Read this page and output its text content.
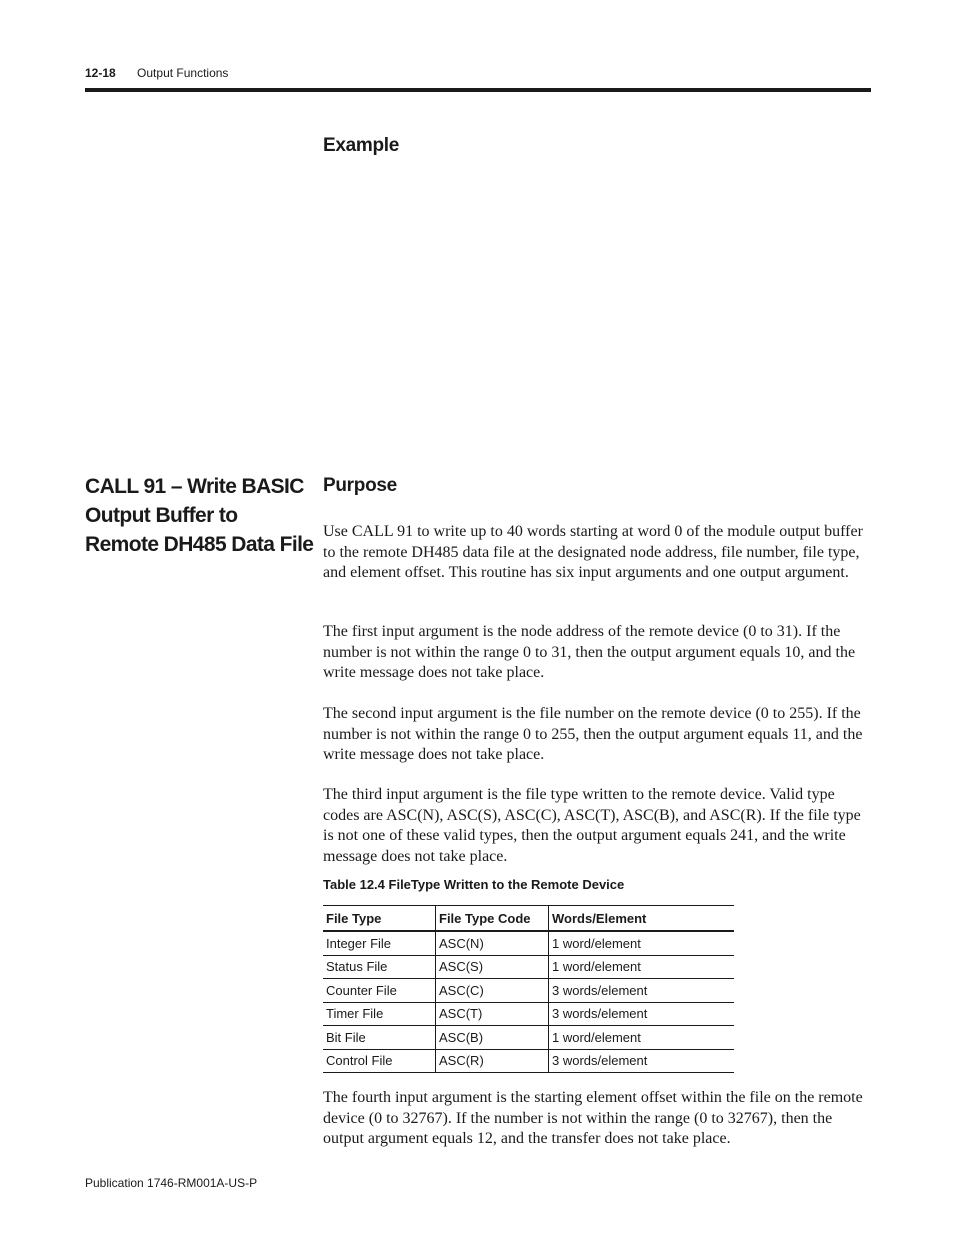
12-18 Output Functions
Example
CALL 91 – Write BASIC Output Buffer to Remote DH485 Data File
Purpose

Use CALL 91 to write up to 40 words starting at word 0 of the module output buffer to the remote DH485 data file at the designated node address, file number, file type, and element offset. This routine has six input arguments and one output argument.

The first input argument is the node address of the remote device (0 to 31). If the number is not within the range 0 to 31, then the output argument equals 10, and the write message does not take place.

The second input argument is the file number on the remote device (0 to 255). If the number is not within the range 0 to 255, then the output argument equals 11, and the write message does not take place.

The third input argument is the file type written to the remote device. Valid type codes are ASC(N), ASC(S), ASC(C), ASC(T), ASC(B), and ASC(R). If the file type is not one of these valid types, then the output argument equals 241, and the write message does not take place.

Table 12.4 FileType Written to the Remote Device
File Type	File Type Code	Words/Element
Integer File	ASC(N)	1 word/element
Status File	ASC(S)	1 word/element
Counter File	ASC(C)	3 words/element
Timer File	ASC(T)	3 words/element
Bit File	ASC(B)	1 word/element
Control File	ASC(R)	3 words/element

The fourth input argument is the starting element offset within the file on the remote device (0 to 32767). If the number is not within the range (0 to 32767), then the output argument equals 12, and the transfer does not take place.

Publication 1746-RM001A-US-P
